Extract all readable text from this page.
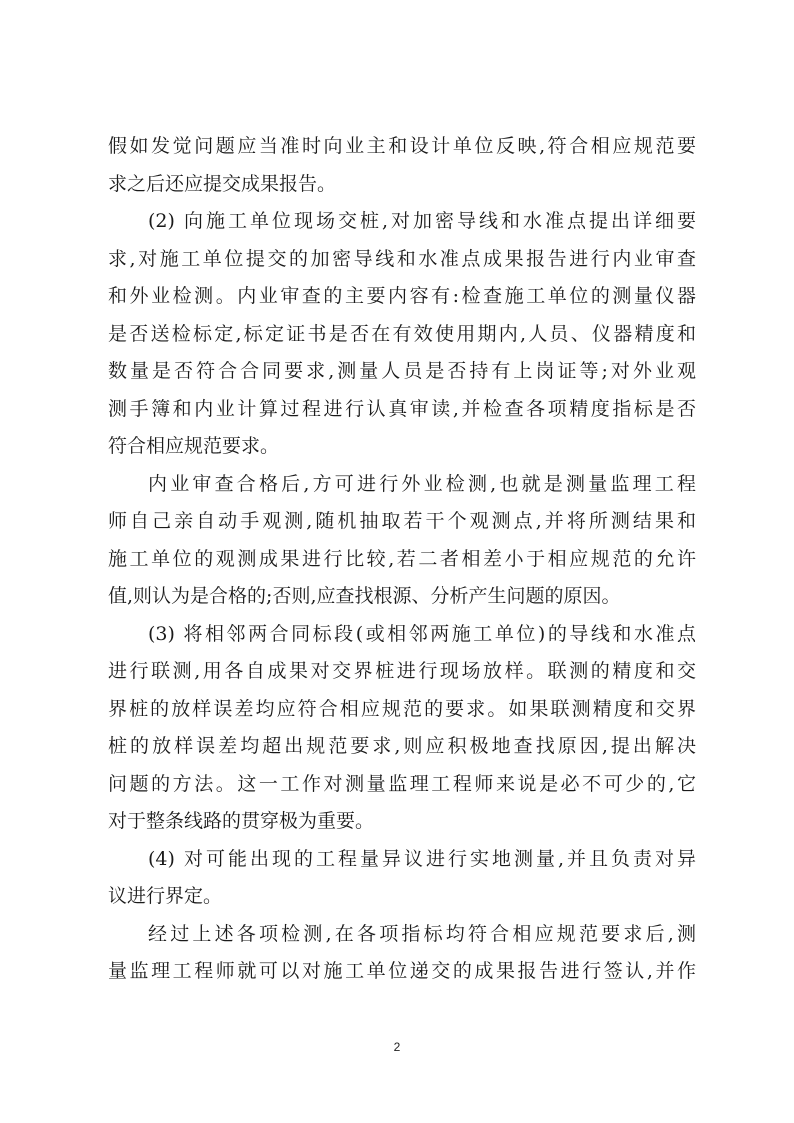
假如发觉问题应当准时向业主和设计单位反映,符合相应规范要
求之后还应提交成果报告。
(2) 向施工单位现场交桩,对加密导线和水准点提出详细要
求,对施工单位提交的加密导线和水准点成果报告进行内业审查
和外业检测。内业审查的主要内容有:检查施工单位的测量仪器
是否送检标定,标定证书是否在有效使用期内,人员、仪器精度和
数量是否符合合同要求,测量人员是否持有上岗证等;对外业观
测手簿和内业计算过程进行认真审读,并检查各项精度指标是否
符合相应规范要求。
内业审查合格后,方可进行外业检测,也就是测量监理工程
师自己亲自动手观测,随机抽取若干个观测点,并将所测结果和
施工单位的观测成果进行比较,若二者相差小于相应规范的允许
值,则认为是合格的;否则,应查找根源、分析产生问题的原因。
(3) 将相邻两合同标段(或相邻两施工单位)的导线和水准点
进行联测,用各自成果对交界桩进行现场放样。联测的精度和交
界桩的放样误差均应符合相应规范的要求。如果联测精度和交界
桩的放样误差均超出规范要求,则应积极地查找原因,提出解决
问题的方法。这一工作对测量监理工程师来说是必不可少的,它
对于整条线路的贯穿极为重要。
(4) 对可能出现的工程量异议进行实地测量,并且负责对异
议进行界定。
经过上述各项检测,在各项指标均符合相应规范要求后,测
量监理工程师就可以对施工单位递交的成果报告进行签认,并作
2
